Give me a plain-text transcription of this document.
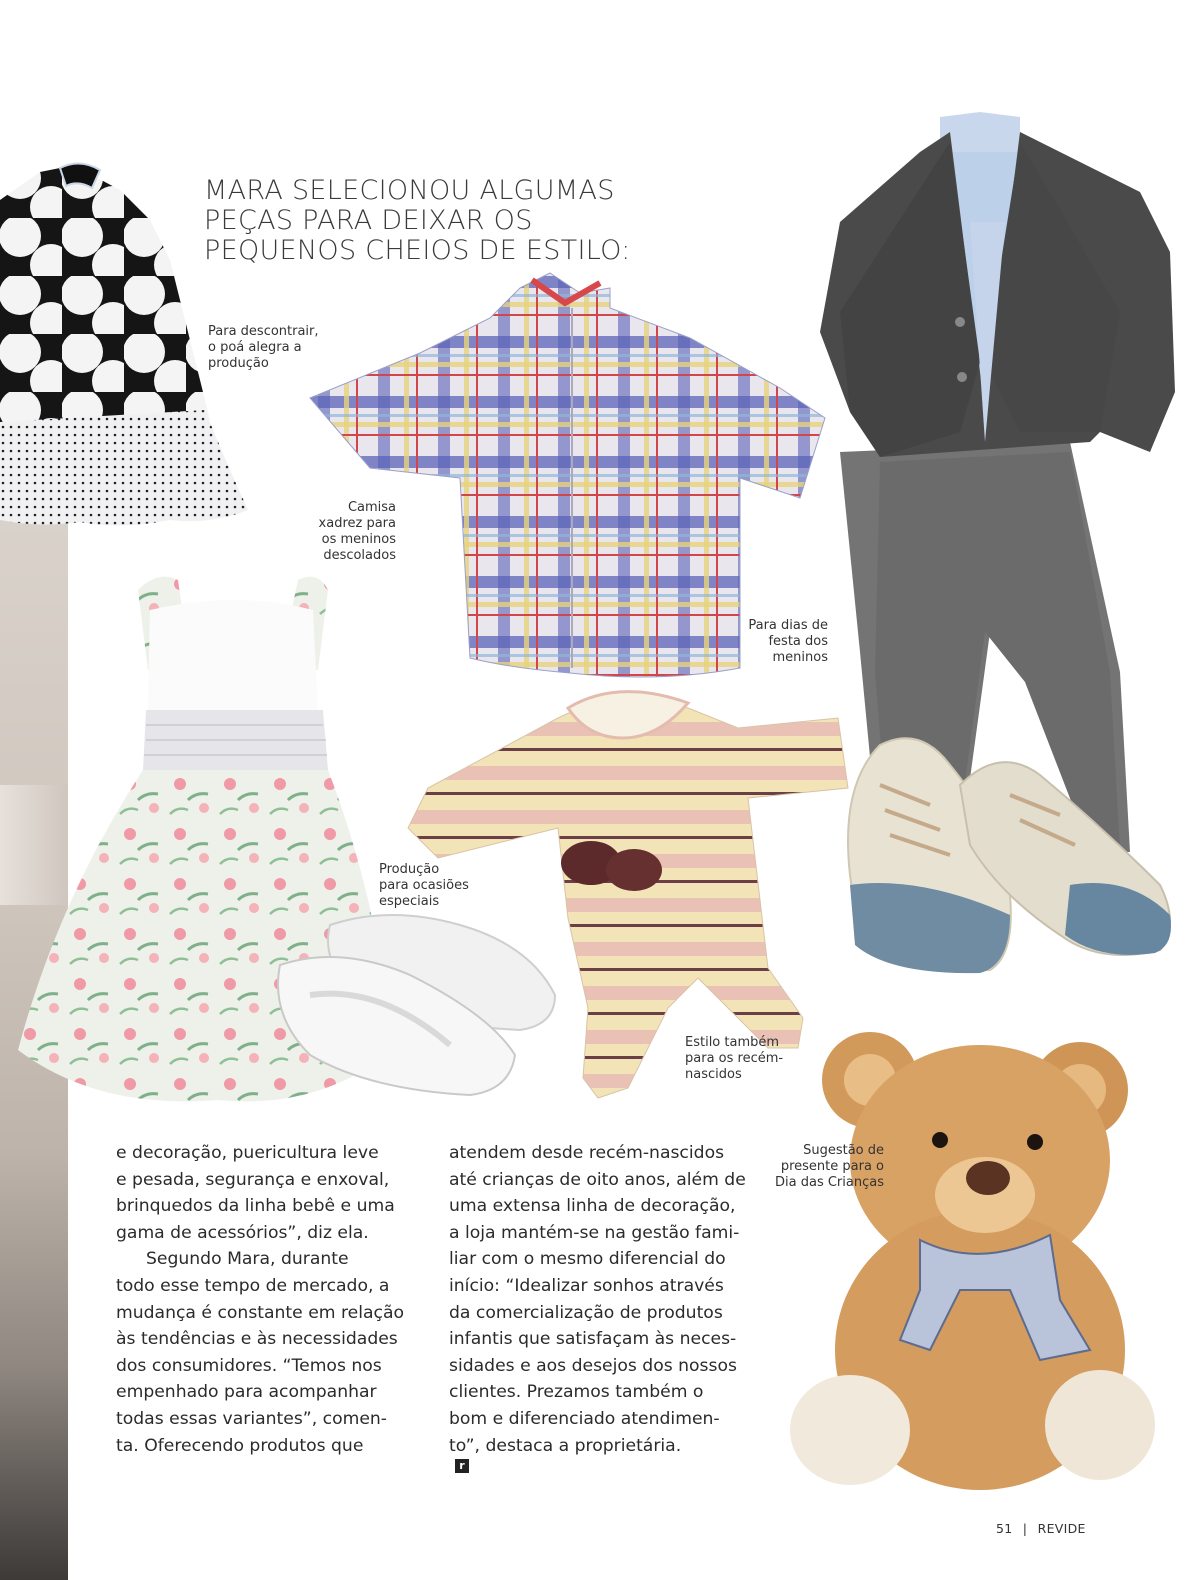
MARA SELECIONOU ALGUMAS
PEÇAS PARA DEIXAR OS
PEQUENOS CHEIOS DE ESTILO:
Para descontrair,
o poá alegra a
produção
Camisa
xadrez para
os meninos
descolados
Para dias de
festa dos
meninos
Produção
para ocasiões
especiais
Estilo também
para os recém-
nascidos
Sugestão de
presente para o
Dia das Crianças
e decoração, puericultura leve
e pesada, segurança e enxoval,
brinquedos da linha bebê e uma
gama de acessórios”, diz ela.
Segundo Mara, durante
todo esse tempo de mercado, a
mudança é constante em relação
às tendências e às necessidades
dos consumidores. “Temos nos
empenhado para acompanhar
todas essas variantes”, comen-
ta. Oferecendo produtos que
atendem desde recém-nascidos
até crianças de oito anos, além de
uma extensa linha de decoração,
a loja mantém-se na gestão fami-
liar com o mesmo diferencial do
início: “Idealizar sonhos através
da comercialização de produtos
infantis que satisfaçam às neces-
sidades e aos desejos dos nossos
clientes. Prezamos também o
bom e diferenciado atendimen-
to”, destaca a proprietária.
r
51 | REVIDE
